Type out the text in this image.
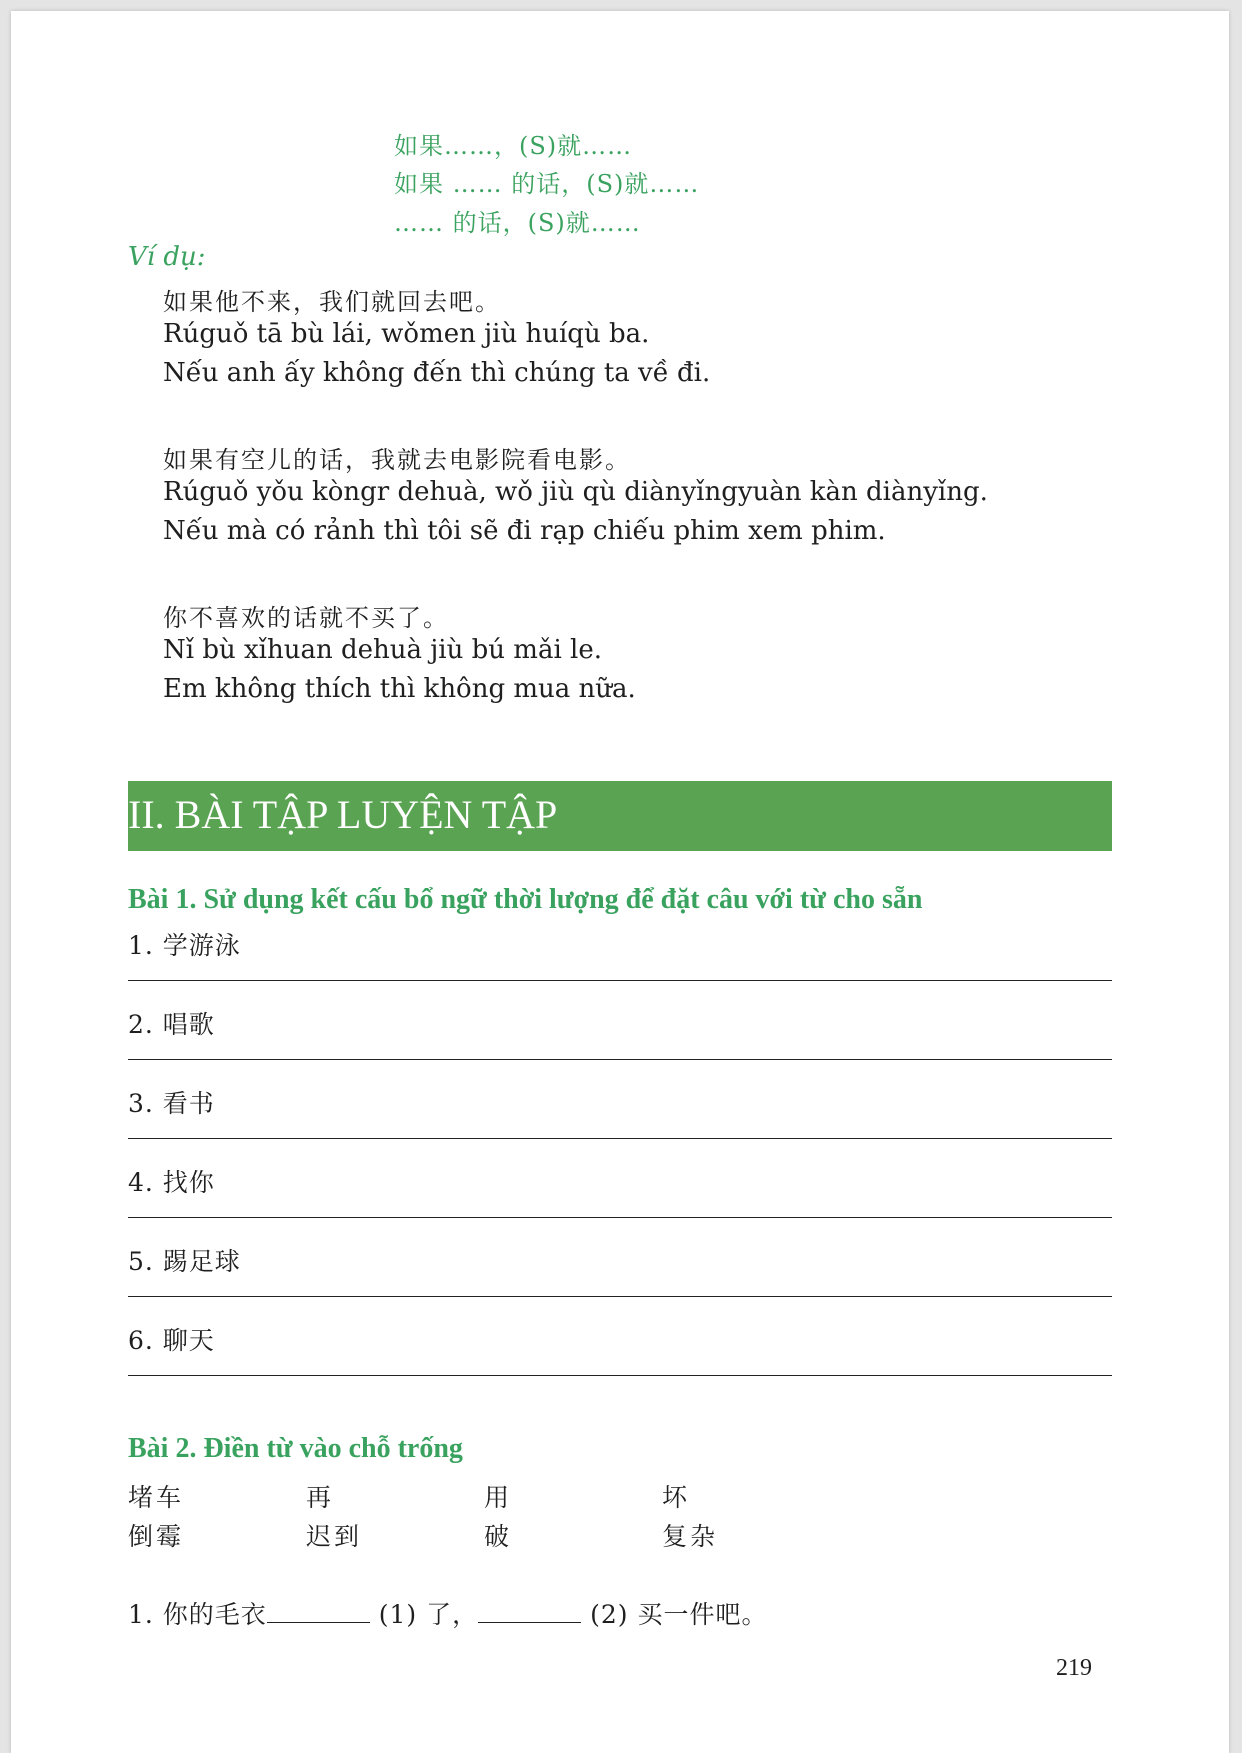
如果……，(S)就……
如果 …… 的话，(S)就……
…… 的话，(S)就……
Ví dụ:
如果他不来，我们就回去吧。
Rúguǒ tā bù lái, wǒmen jiù huíqù ba.
Nếu anh ấy không đến thì chúng ta về đi.
如果有空儿的话，我就去电影院看电影。
Rúguǒ yǒu kòngr dehuà, wǒ jiù qù diànyǐngyuàn kàn diànyǐng.
Nếu mà có rảnh thì tôi sẽ đi rạp chiếu phim xem phim.
你不喜欢的话就不买了。
Nǐ bù xǐhuan dehuà jiù bú mǎi le.
Em không thích thì không mua nữa.
II. BÀI TẬP LUYỆN TẬP
Bài 1. Sử dụng kết cấu bổ ngữ thời lượng để đặt câu với từ cho sẵn
1. 学游泳
2. 唱歌
3. 看书
4. 找你
5. 踢足球
6. 聊天
Bài 2. Điền từ vào chỗ trống
堵车	再	用	坏
倒霉	迟到	破	复杂
1. 你的毛衣	(1) 了，	(2) 买一件吧。
219
